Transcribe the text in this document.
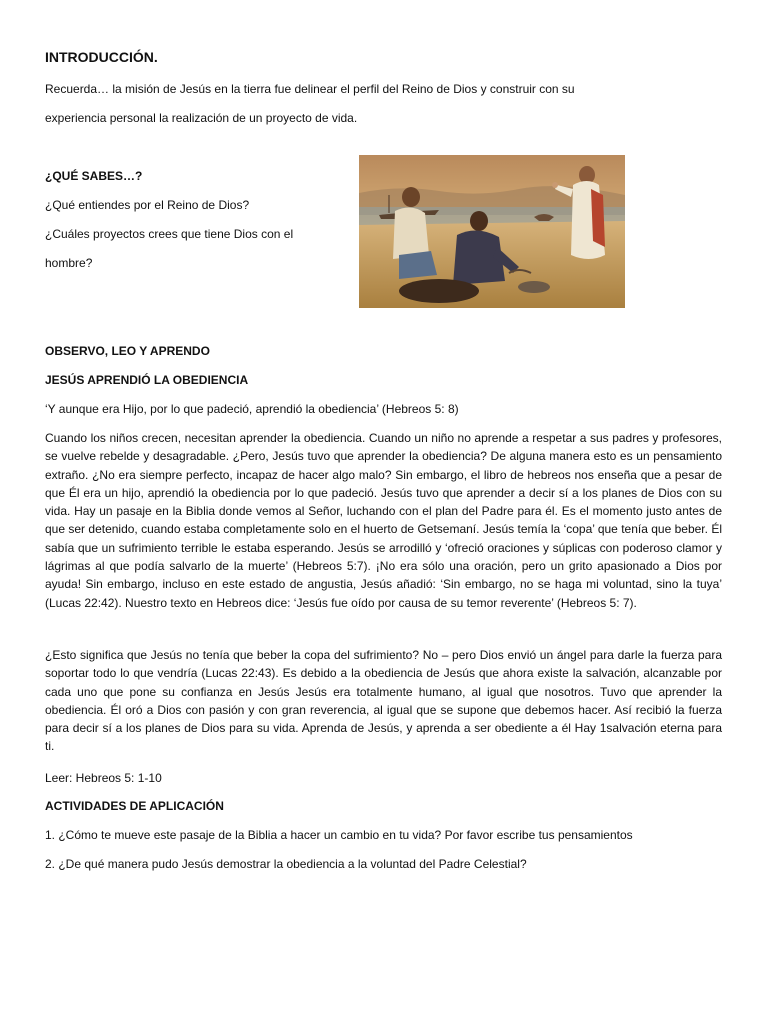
INTRODUCCIÓN.
Recuerda… la misión de Jesús en la tierra fue delinear el perfil del Reino de Dios y construir con su
experiencia personal la realización de un proyecto de vida.
¿QUÉ SABES…?
¿Qué entiendes por el Reino de Dios?
¿Cuáles proyectos crees que tiene Dios con el
hombre?
OBSERVO, LEO Y APRENDO
JESÚS APRENDIÓ LA OBEDIENCIA
‘Y aunque era Hijo, por lo que padeció, aprendió la obediencia’ (Hebreos 5: 8)
Cuando los niños crecen, necesitan aprender la obediencia. Cuando un niño no aprende a respetar a sus padres y profesores, se vuelve rebelde y desagradable. ¿Pero, Jesús tuvo que aprender la obediencia? De alguna manera esto es un pensamiento extraño. ¿No era siempre perfecto, incapaz de hacer algo malo? Sin embargo, el libro de hebreos nos enseña que a pesar de que Él era un hijo, aprendió la obediencia por lo que padeció. Jesús tuvo que aprender a decir sí a los planes de Dios con su vida. Hay un pasaje en la Biblia donde vemos al Señor, luchando con el plan del Padre para él. Es el momento justo antes de que ser detenido, cuando estaba completamente solo en el huerto de Getsemaní. Jesús temía la ‘copa’ que tenía que beber. Él sabía que un sufrimiento terrible le estaba esperando. Jesús se arrodilló y ‘ofreció oraciones y súplicas con poderoso clamor y lágrimas al que podía salvarlo de la muerte’ (Hebreos 5:7). ¡No era sólo una oración, pero un grito apasionado a Dios por ayuda! Sin embargo, incluso en este estado de angustia, Jesús añadió: ‘Sin embargo, no se haga mi voluntad, sino la tuya’ (Lucas 22:42). Nuestro texto en Hebreos dice: ‘Jesús fue oído por causa de su temor reverente’ (Hebreos 5: 7).
¿Esto significa que Jesús no tenía que beber la copa del sufrimiento? No – pero Dios envió un ángel para darle la fuerza para soportar todo lo que vendría (Lucas 22:43). Es debido a la obediencia de Jesús que ahora existe la salvación, alcanzable por cada uno que pone su confianza en Jesús Jesús era totalmente humano, al igual que nosotros. Tuvo que aprender la obediencia. Él oró a Dios con pasión y con gran reverencia, al igual que se supone que debemos hacer. Así recibió la fuerza para decir sí a los planes de Dios para su vida. Aprenda de Jesús, y aprenda a ser obediente a él Hay 1salvación eterna para ti.
Leer: Hebreos 5: 1-10
ACTIVIDADES DE APLICACIÓN
1. ¿Cómo te mueve este pasaje de la Biblia a hacer un cambio en tu vida? Por favor escribe tus pensamientos
2. ¿De qué manera pudo Jesús demostrar la obediencia a la voluntad del Padre Celestial?
